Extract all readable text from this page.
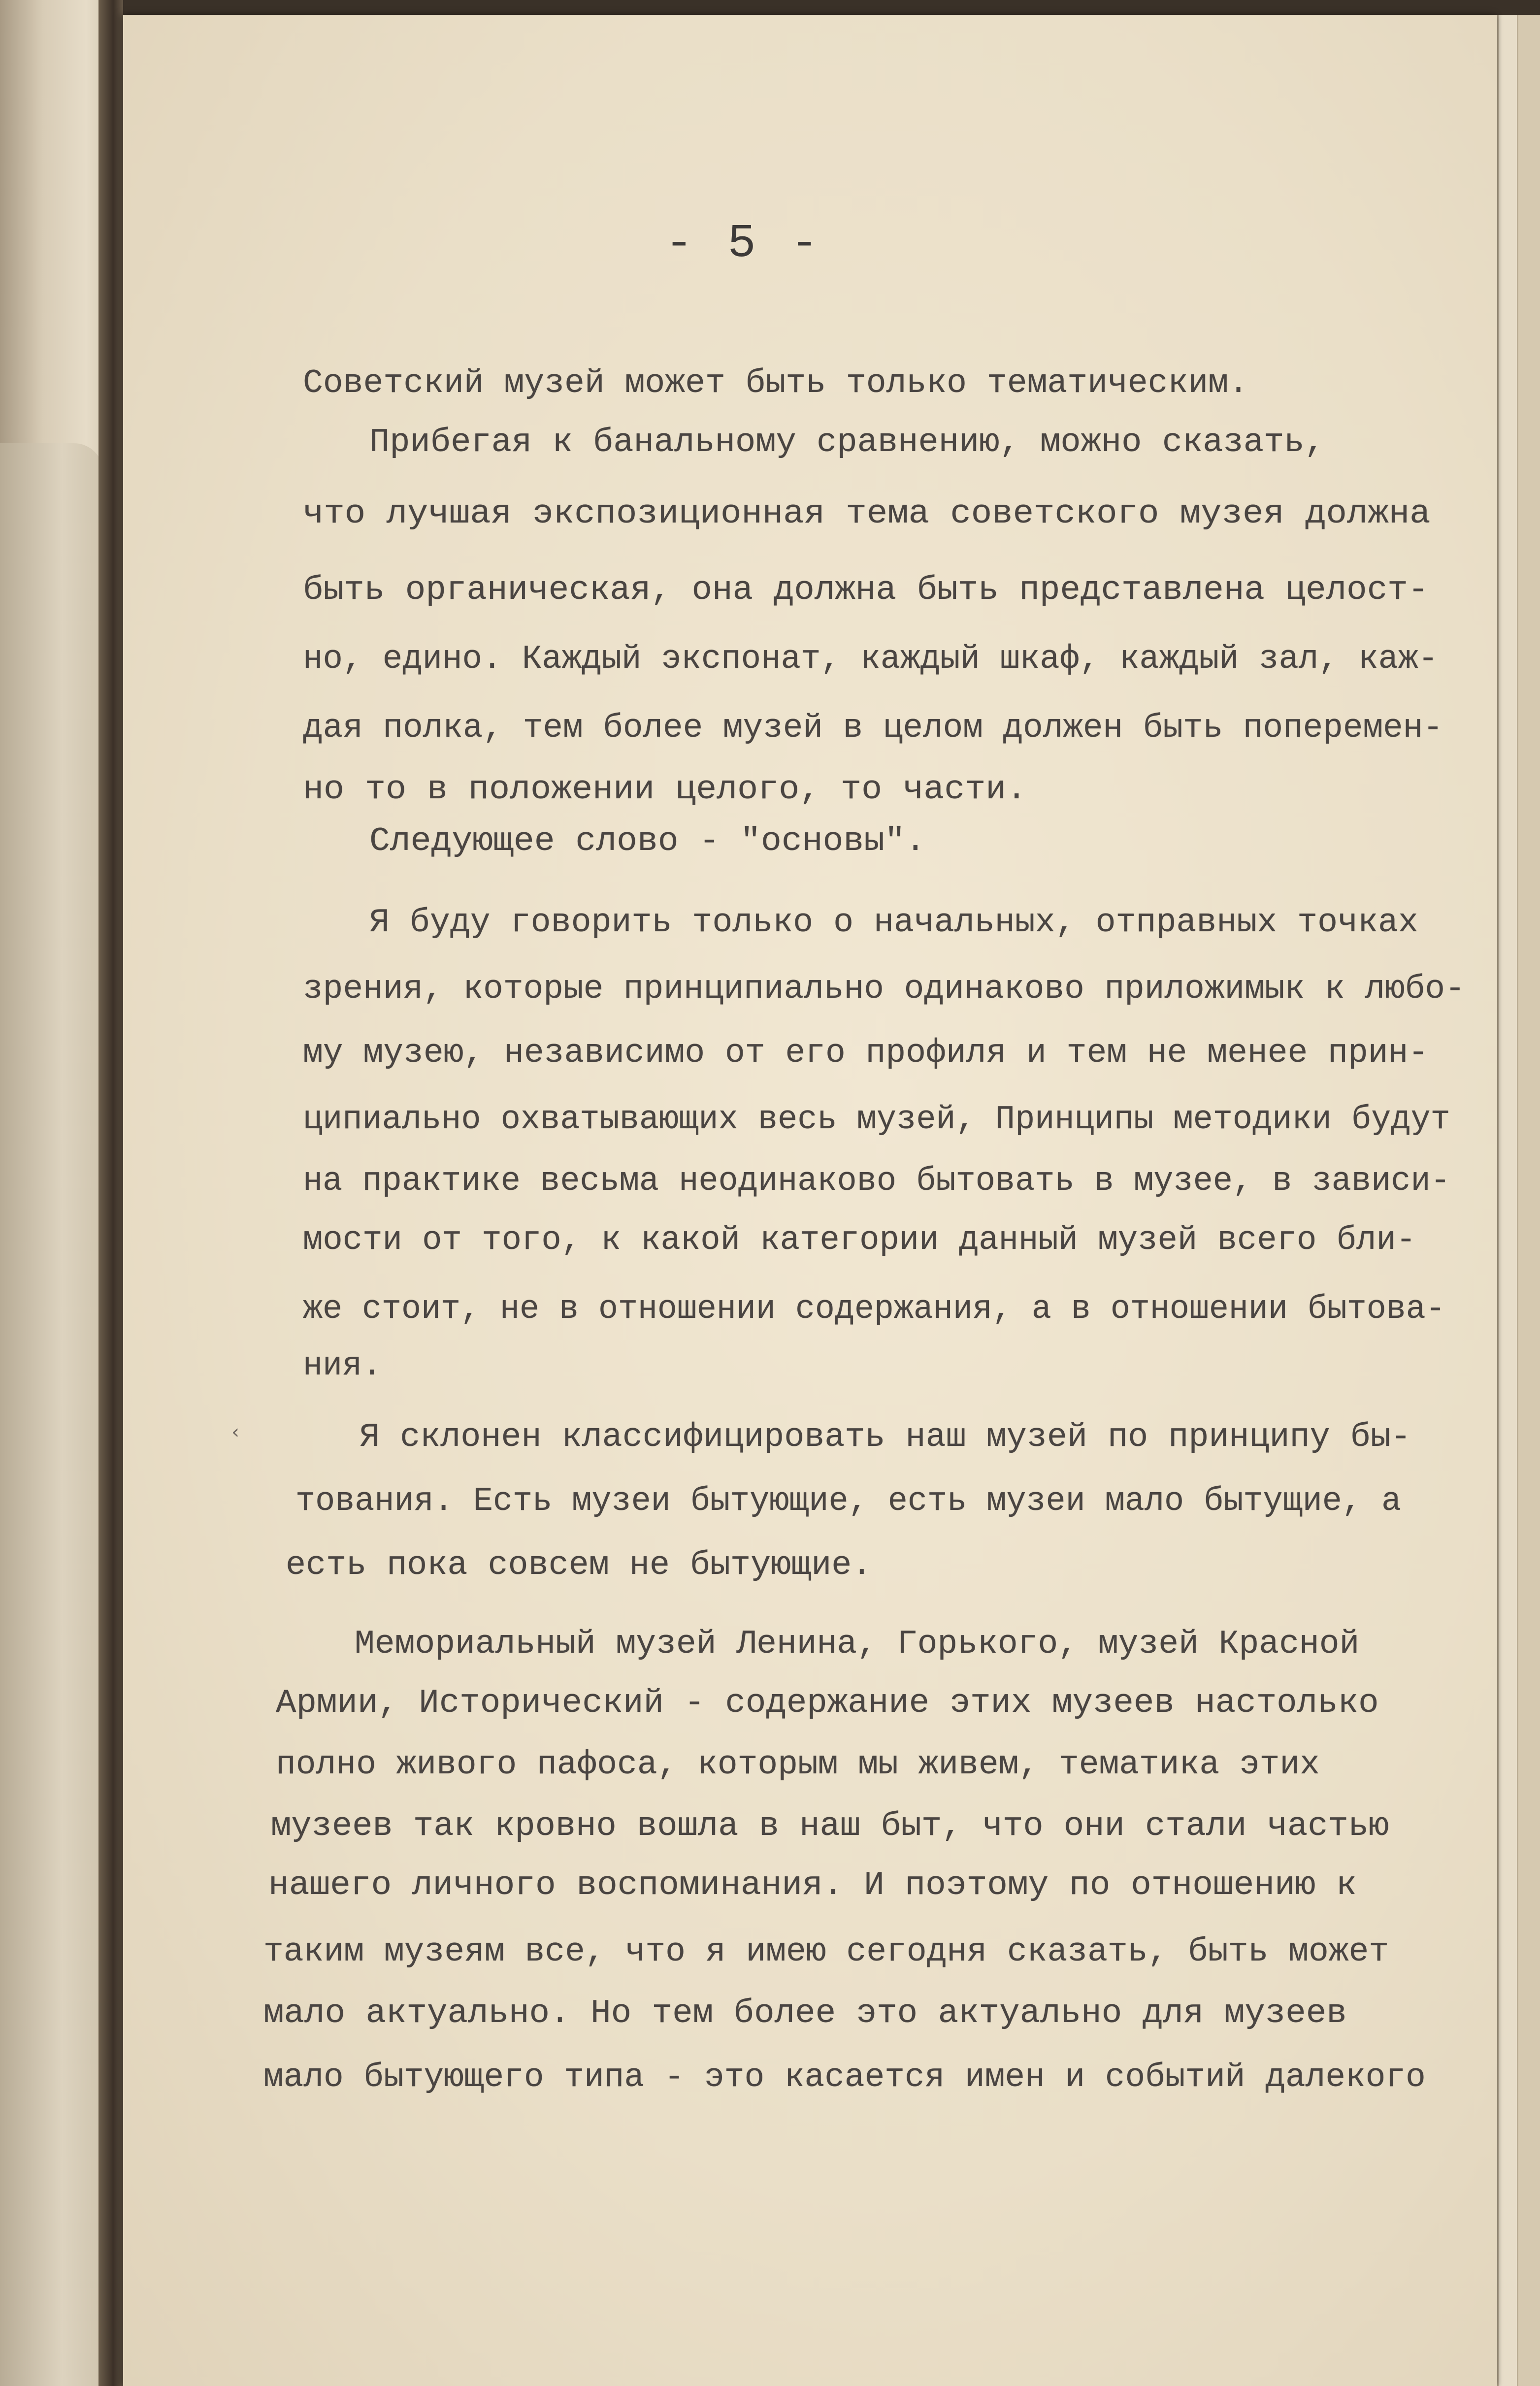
- 5 -
Советский музей может быть только тематическим.
Прибегая к банальному сравнению, можно сказать,
что лучшая экспозиционная тема советского музея должна
быть органическая, она должна быть представлена целост-
но, едино. Каждый экспонат, каждый шкаф, каждый зал, каж-
дая полка, тем более музей в целом должен быть поперемен-
но то в положении целого, то части.
Следующее слово - "основы".
Я буду говорить только о начальных, отправных точках
зрения, которые принципиально одинаково приложимык к любо-
му музею, независимо от его профиля и тем не менее прин-
ципиально охватывающих весь музей, Принципы методики будут
на практике весьма неодинаково бытовать в музее, в зависи-
мости от того, к какой категории данный музей всего бли-
же стоит, не в отношении содержания, а в отношении бытова-
ния.
‹	Я склонен классифицировать наш музей по принципу бы-
тования. Есть музеи бытующие, есть музеи мало бытущие, а
есть пока совсем не бытующие.
Мемориальный музей Ленина, Горького, музей Красной
Армии, Исторический - содержание этих музеев настолько
полно живого пафоса, которым мы живем, тематика этих
музеев так кровно вошла в наш быт, что они стали частью
нашего личного воспоминания. И поэтому по отношению к
таким музеям все, что я имею сегодня сказать, быть может
мало актуально. Но тем более это актуально для музеев
мало бытующего типа - это касается имен и событий далекого
